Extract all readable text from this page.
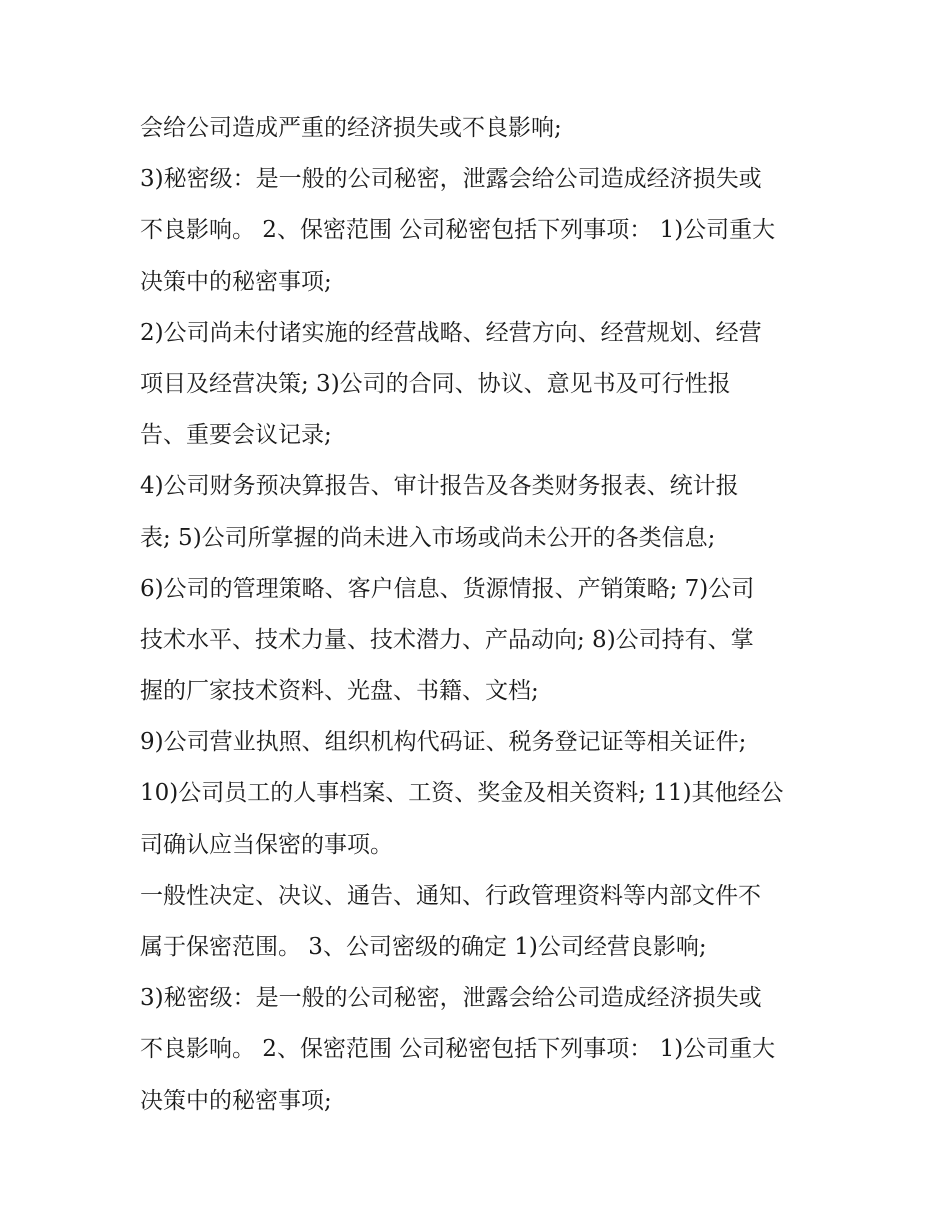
会给公司造成严重的经济损失或不良影响;
3)秘密级：是一般的公司秘密，泄露会给公司造成经济损失或
不良影响。 2、保密范围 公司秘密包括下列事项： 1)公司重大
决策中的秘密事项;
2)公司尚未付诸实施的经营战略、经营方向、经营规划、经营
项目及经营决策; 3)公司的合同、协议、意见书及可行性报
告、重要会议记录;
4)公司财务预决算报告、审计报告及各类财务报表、统计报
表; 5)公司所掌握的尚未进入市场或尚未公开的各类信息;
6)公司的管理策略、客户信息、货源情报、产销策略; 7)公司
技术水平、技术力量、技术潜力、产品动向; 8)公司持有、掌
握的厂家技术资料、光盘、书籍、文档;
9)公司营业执照、组织机构代码证、税务登记证等相关证件;
10)公司员工的人事档案、工资、奖金及相关资料; 11)其他经公
司确认应当保密的事项。
一般性决定、决议、通告、通知、行政管理资料等内部文件不
属于保密范围。 3、公司密级的确定 1)公司经营良影响;
3)秘密级：是一般的公司秘密，泄露会给公司造成经济损失或
不良影响。 2、保密范围 公司秘密包括下列事项： 1)公司重大
决策中的秘密事项;
